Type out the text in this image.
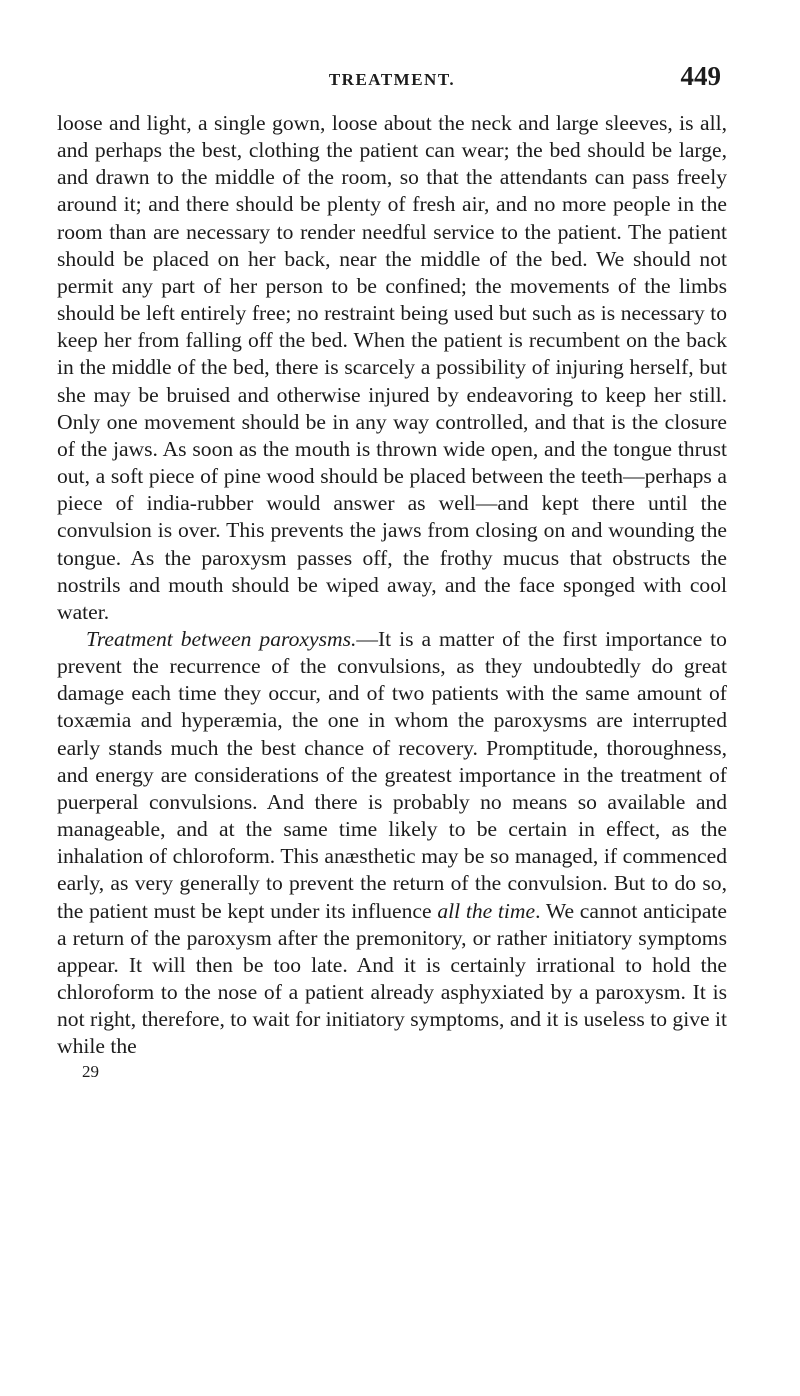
TREATMENT.	449

loose and light, a single gown, loose about the neck and large sleeves, is all, and perhaps the best, clothing the patient can wear; the bed should be large, and drawn to the middle of the room, so that the attendants can pass freely around it; and there should be plenty of fresh air, and no more people in the room than are necessary to render needful service to the patient. The patient should be placed on her back, near the middle of the bed. We should not permit any part of her person to be confined; the movements of the limbs should be left entirely free; no restraint being used but such as is necessary to keep her from falling off the bed. When the patient is recumbent on the back in the middle of the bed, there is scarcely a possibility of injuring herself, but she may be bruised and otherwise injured by endeavoring to keep her still. Only one movement should be in any way controlled, and that is the closure of the jaws. As soon as the mouth is thrown wide open, and the tongue thrust out, a soft piece of pine wood should be placed between the teeth—perhaps a piece of india-rubber would answer as well—and kept there until the convulsion is over. This prevents the jaws from closing on and wounding the tongue. As the paroxysm passes off, the frothy mucus that obstructs the nostrils and mouth should be wiped away, and the face sponged with cool water.

Treatment between paroxysms.—It is a matter of the first importance to prevent the recurrence of the convulsions, as they undoubtedly do great damage each time they occur, and of two patients with the same amount of toxæmia and hyperæmia, the one in whom the paroxysms are interrupted early stands much the best chance of recovery. Promptitude, thoroughness, and energy are considerations of the greatest importance in the treatment of puerperal convulsions. And there is probably no means so available and manageable, and at the same time likely to be certain in effect, as the inhalation of chloroform. This anæsthetic may be so managed, if commenced early, as very generally to prevent the return of the convulsion. But to do so, the patient must be kept under its influence all the time. We cannot anticipate a return of the paroxysm after the premonitory, or rather initiatory symptoms appear. It will then be too late. And it is certainly irrational to hold the chloroform to the nose of a patient already asphyxiated by a paroxysm. It is not right, therefore, to wait for initiatory symptoms, and it is useless to give it while the

29
